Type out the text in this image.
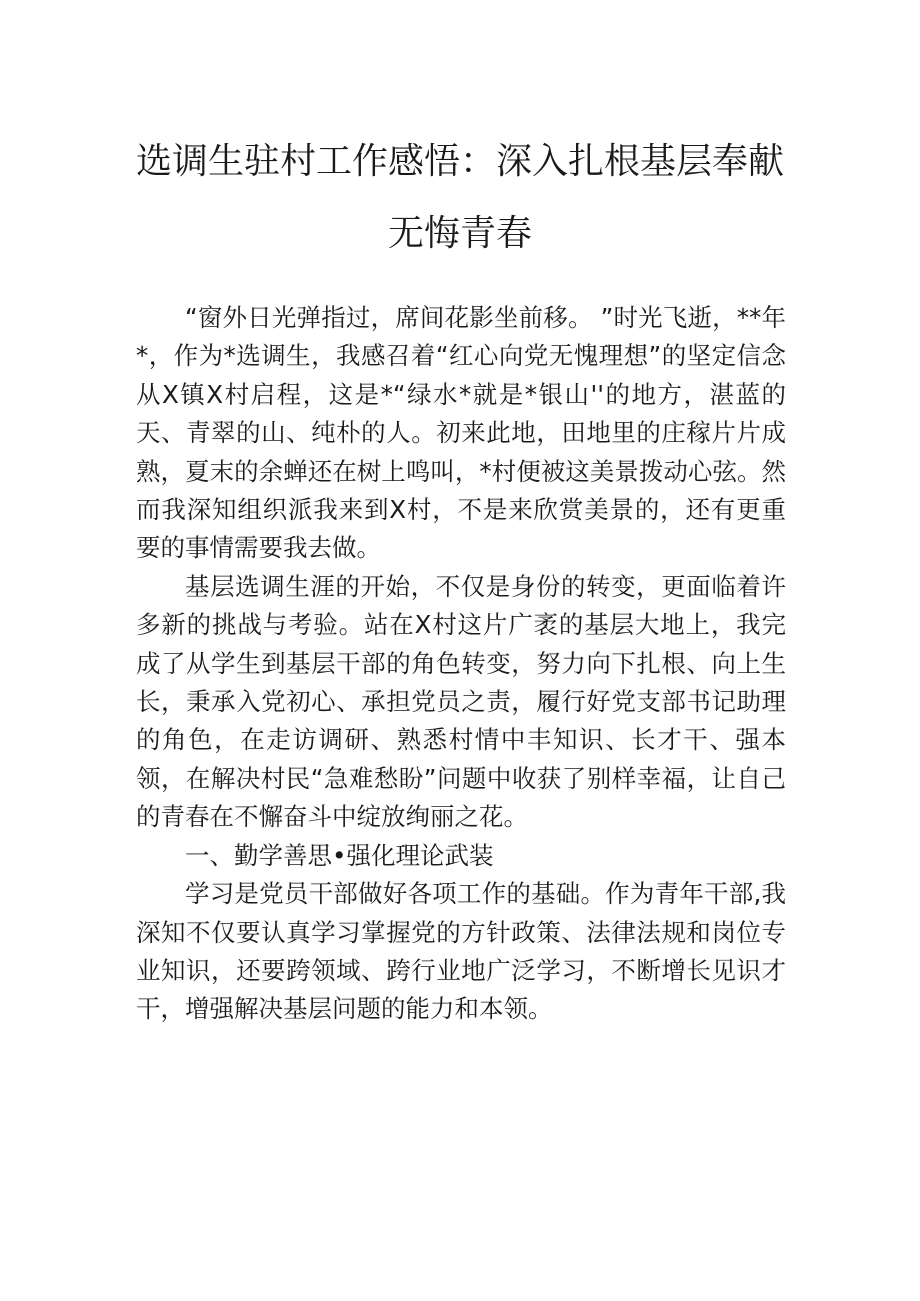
选调生驻村工作感悟：深入扎根基层奉献无悔青春

“窗外日光弹指过，席间花影坐前移。 ”时光飞逝，**年*，作为*选调生，我感召着“红心向党无愧理想”的坚定信念从X镇X村启程，这是*“绿水*就是*银山''的地方，湛蓝的天、青翠的山、纯朴的人。初来此地，田地里的庄稼片片成熟，夏末的余蝉还在树上鸣叫，*村便被这美景拨动心弦。然而我深知组织派我来到X村，不是来欣赏美景的，还有更重要的事情需要我去做。

基层选调生涯的开始，不仅是身份的转变，更面临着许多新的挑战与考验。站在X村这片广袤的基层大地上，我完成了从学生到基层干部的角色转变，努力向下扎根、向上生长，秉承入党初心、承担党员之责，履行好党支部书记助理的角色，在走访调研、熟悉村情中丰知识、长才干、强本领，在解决村民“急难愁盼”问题中收获了别样幸福，让自己的青春在不懈奋斗中绽放绚丽之花。

一、勤学善思•强化理论武装

学习是党员干部做好各项工作的基础。作为青年干部,我深知不仅要认真学习掌握党的方针政策、法律法规和岗位专业知识，还要跨领域、跨行业地广泛学习，不断增长见识才干，增强解决基层问题的能力和本领。
